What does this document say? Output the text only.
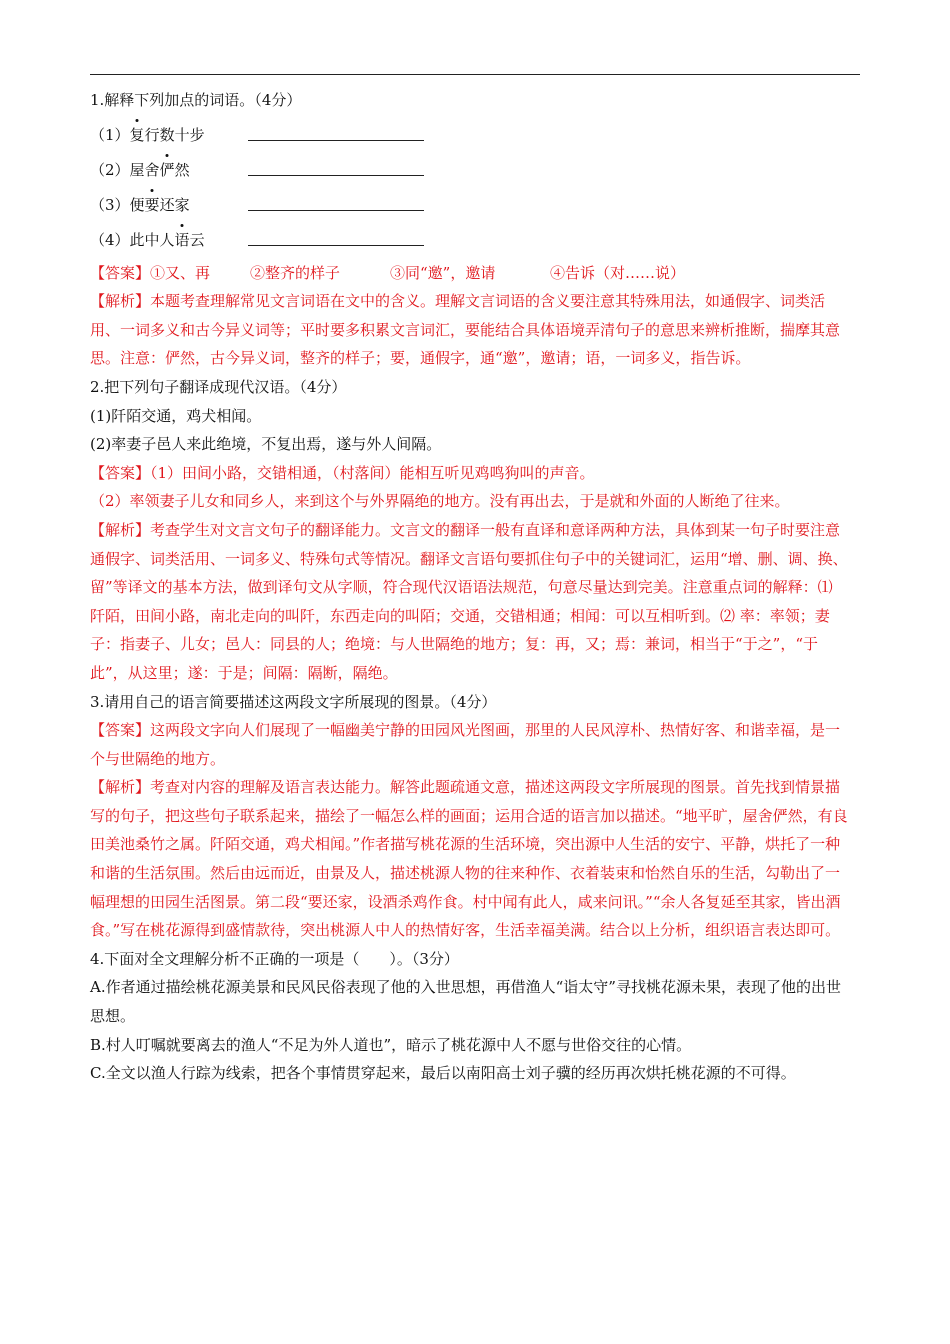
1.解释下列加点的词语。（4分）
（1）复行数十步
（2）屋舍俨然
（3）便要还家
（4）此中人语云
【答案】①又、再	②整齐的样子	③同“邀”，邀请	④告诉（对……说）
【解析】本题考查理解常见文言词语在文中的含义。理解文言词语的含义要注意其特殊用法，如通假字、词类活用、一词多义和古今异义词等；平时要多积累文言词汇，要能结合具体语境弄清句子的意思来辨析推断，揣摩其意思。注意：俨然，古今异义词，整齐的样子；要，通假字，通“邀”，邀请；语，一词多义，指告诉。
2.把下列句子翻译成现代汉语。（4分）
(1)阡陌交通，鸡犬相闻。
(2)率妻子邑人来此绝境，不复出焉，遂与外人间隔。
【答案】（1）田间小路，交错相通，（村落间）能相互听见鸡鸣狗叫的声音。
（2）率领妻子儿女和同乡人，来到这个与外界隔绝的地方。没有再出去，于是就和外面的人断绝了往来。
【解析】考查学生对文言文句子的翻译能力。文言文的翻译一般有直译和意译两种方法，具体到某一句子时要注意通假字、词类活用、一词多义、特殊句式等情况。翻译文言语句要抓住句子中的关键词汇，运用“增、删、调、换、留”等译文的基本方法，做到译句文从字顺，符合现代汉语语法规范，句意尽量达到完美。注意重点词的解释：⑴ 阡陌，田间小路，南北走向的叫阡，东西走向的叫陌；交通，交错相通；相闻：可以互相听到。⑵ 率：率领；妻子：指妻子、儿女；邑人：同县的人；绝境：与人世隔绝的地方；复：再，又；焉：兼词，相当于“于之”，“于此”，从这里；遂：于是；间隔：隔断，隔绝。
3.请用自己的语言简要描述这两段文字所展现的图景。（4分）
【答案】这两段文字向人们展现了一幅幽美宁静的田园风光图画，那里的人民风淳朴、热情好客、和谐幸福，是一个与世隔绝的地方。
【解析】考查对内容的理解及语言表达能力。解答此题疏通文意，描述这两段文字所展现的图景。首先找到情景描写的句子，把这些句子联系起来，描绘了一幅怎么样的画面；运用合适的语言加以描述。“地平旷，屋舍俨然，有良田美池桑竹之属。阡陌交通，鸡犬相闻。”作者描写桃花源的生活环境，突出源中人生活的安宁、平静，烘托了一种和谐的生活氛围。然后由远而近，由景及人，描述桃源人物的往来种作、衣着装束和怡然自乐的生活，勾勒出了一幅理想的田园生活图景。第二段“要还家，设酒杀鸡作食。村中闻有此人，咸来问讯。”“余人各复延至其家，皆出酒食。”写在桃花源得到盛情款待，突出桃源人中人的热情好客，生活幸福美满。结合以上分析，组织语言表达即可。
4.下面对全文理解分析不正确的一项是（　　）。（3分）
A.作者通过描绘桃花源美景和民风民俗表现了他的入世思想，再借渔人“诣太守”寻找桃花源未果，表现了他的出世思想。
B.村人叮嘱就要离去的渔人“不足为外人道也”，暗示了桃花源中人不愿与世俗交往的心情。
C.全文以渔人行踪为线索，把各个事情贯穿起来，最后以南阳高士刘子骥的经历再次烘托桃花源的不可得。
